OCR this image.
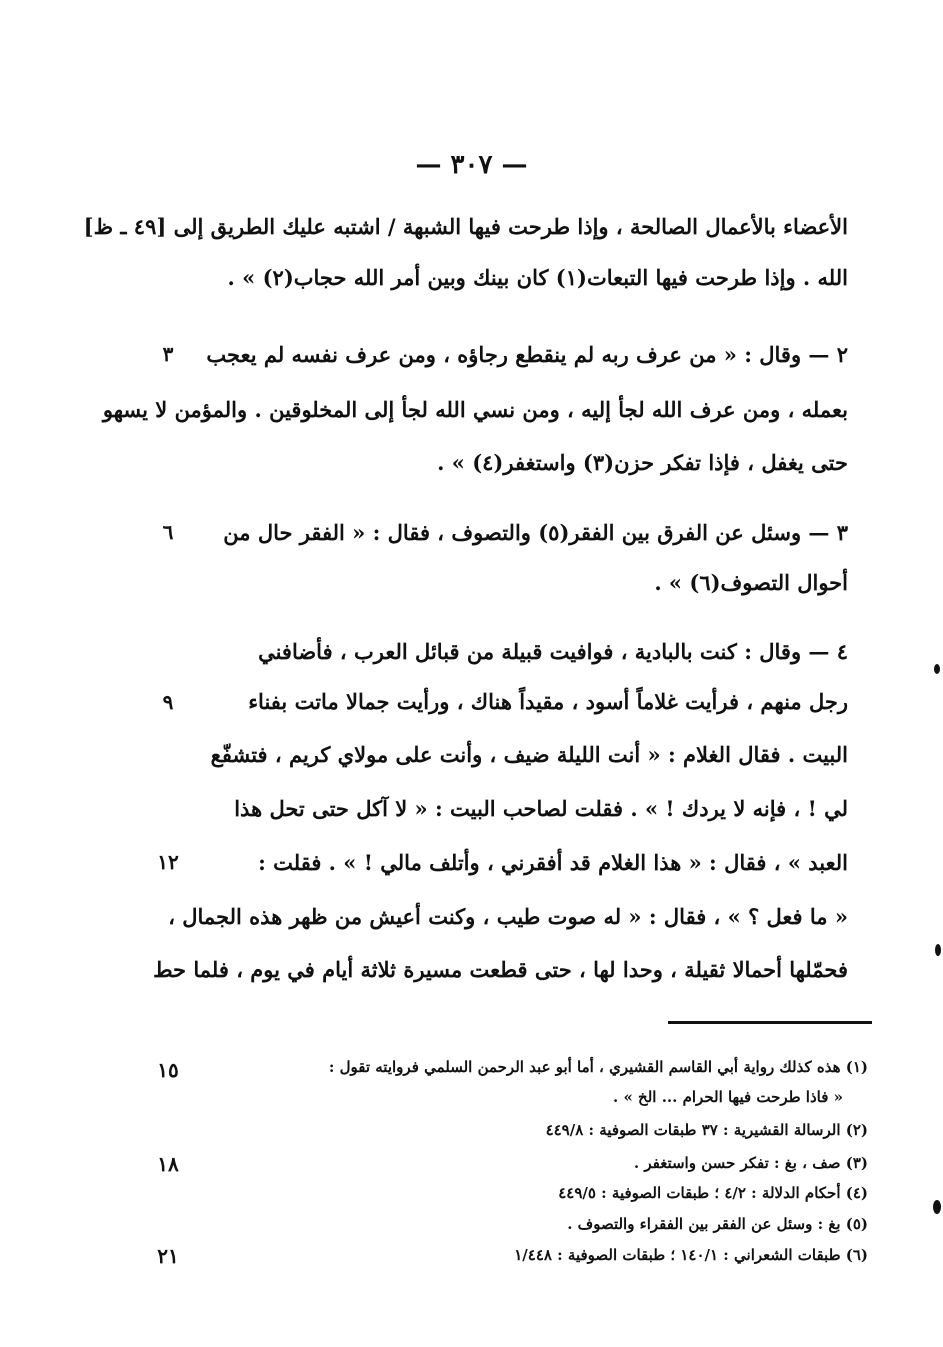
— ٣٠٧ —
الأعضاء بالأعمال الصالحة ، وإذا طرحت فيها الشبهة / اشتبه عليك الطريق إلى [٤٩ ـ ظ]
الله . وإذا طرحت فيها التبعات(١) كان بينك وبين أمر الله حجاب(٢) » .
٢ — وقال : « من عرف ربه لم ينقطع رجاؤه ، ومن عرف نفسه لم يعجب
بعمله ، ومن عرف الله لجأ إليه ، ومن نسي الله لجأ إلى المخلوقين . والمؤمن لا يسهو
حتى يغفل ، فإذا تفكر حزن(٣) واستغفر(٤) » .
٣ — وسئل عن الفرق بين الفقر(٥) والتصوف ، فقال : « الفقر حال من
أحوال التصوف(٦) » .
٤ — وقال : كنت بالبادية ، فوافيت قبيلة من قبائل العرب ، فأضافني
رجل منهم ، فرأيت غلاماً أسود ، مقيداً هناك ، ورأيت جمالا ماتت بفناء
البيت . فقال الغلام : « أنت الليلة ضيف ، وأنت على مولاي كريم ، فتشفّع
لي ! ، فإنه لا يردك ! » . فقلت لصاحب البيت : « لا آكل حتى تحل هذا
العبد » ، فقال : « هذا الغلام قد أفقرني ، وأتلف مالي ! » . فقلت :
« ما فعل ؟ » ، فقال : « له صوت طيب ، وكنت أعيش من ظهر هذه الجمال ،
فحمّلها أحمالا ثقيلة ، وحدا لها ، حتى قطعت مسيرة ثلاثة أيام في يوم ، فلما حط
٣
٦
٩
١٢
١٥
١٨
٢١
(١) هذه كذلك رواية أبي القاسم القشيري ، أما أبو عبد الرحمن السلمي فروايته تقول :
« فاذا طرحت فيها الحرام ... الخ » .
(٢) الرسالة القشيرية : ٣٧ طبقات الصوفية : ٤٤٩/٨
(٣) صف ، بغ : تفكر حسن واستغفر .
(٤) أحكام الدلالة : ٤/٢ ؛ طبقات الصوفية : ٤٤٩/٥
(٥) بغ : وسئل عن الفقر بين الفقراء والتصوف .
(٦) طبقات الشعراني : ١٤٠/١ ؛ طبقات الصوفية : ١/٤٤٨
